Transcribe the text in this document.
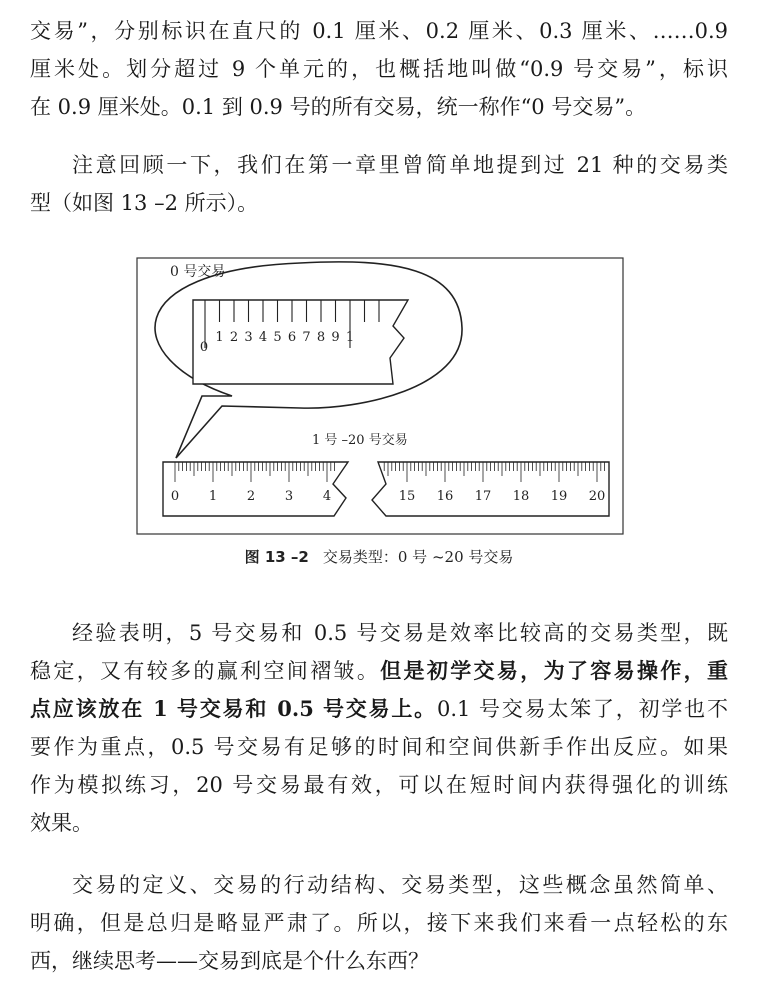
交易”，分别标识在直尺的 0.1 厘米、0.2 厘米、0.3 厘米、……0.9
厘米处。划分超过 9 个单元的，也概括地叫做“0.9 号交易”，标识
在 0.9 厘米处。0.1 到 0.9 号的所有交易，统一称作“0 号交易”。
注意回顾一下，我们在第一章里曾简单地提到过 21 种的交易类
型（如图 13 –2 所示）。
0 号交易
0
1 2 3 4 5 6 7 8 9 1
1 号 –20 号交易
0 1 2 3 4	15 16 17 18 19 20
图 13 –2 交易类型：0 号 ~20 号交易
经验表明，5 号交易和 0.5 号交易是效率比较高的交易类型，既
稳定，又有较多的赢利空间褶皱。但是初学交易，为了容易操作，重
点应该放在 1 号交易和 0.5 号交易上。0.1 号交易太笨了，初学也不
要作为重点，0.5 号交易有足够的时间和空间供新手作出反应。如果
作为模拟练习，20 号交易最有效，可以在短时间内获得强化的训练
效果。
交易的定义、交易的行动结构、交易类型，这些概念虽然简单、
明确，但是总归是略显严肃了。所以，接下来我们来看一点轻松的东
西，继续思考——交易到底是个什么东西？
